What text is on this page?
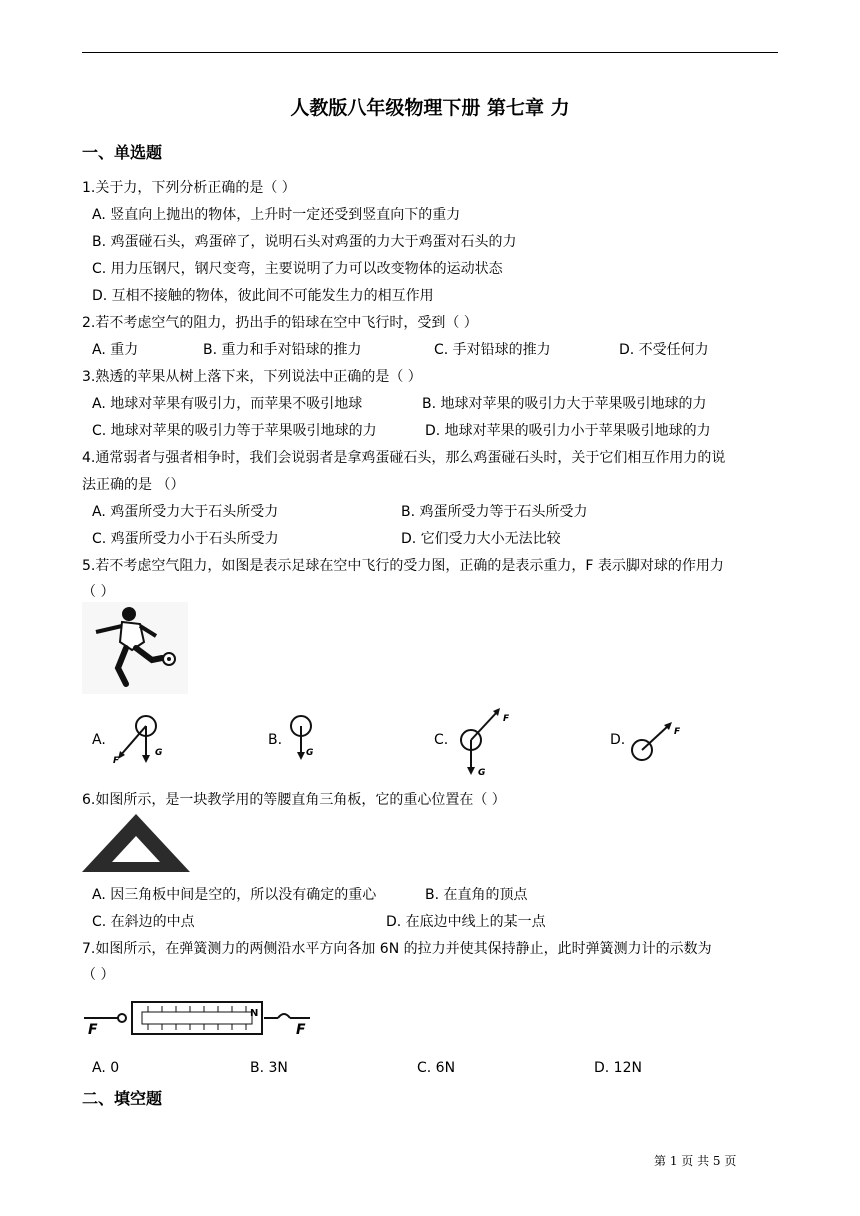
人教版八年级物理下册 第七章 力
一、单选题
1.关于力，下列分析正确的是（ ）
A. 竖直向上抛出的物体，上升时一定还受到竖直向下的重力
B. 鸡蛋碰石头，鸡蛋碎了，说明石头对鸡蛋的力大于鸡蛋对石头的力
C. 用力压钢尺，钢尺变弯，主要说明了力可以改变物体的运动状态
D. 互相不接触的物体，彼此间不可能发生力的相互作用
2.若不考虑空气的阻力，扔出手的铅球在空中飞行时，受到（ ）
A. 重力	B. 重力和手对铅球的推力	C. 手对铅球的推力	D. 不受任何力
3.熟透的苹果从树上落下来，下列说法中正确的是（ ）
A. 地球对苹果有吸引力，而苹果不吸引地球	B. 地球对苹果的吸引力大于苹果吸引地球的力
C. 地球对苹果的吸引力等于苹果吸引地球的力	D. 地球对苹果的吸引力小于苹果吸引地球的力
4.通常弱者与强者相争时，我们会说弱者是拿鸡蛋碰石头，那么鸡蛋碰石头时，关于它们相互作用力的说
法正确的是 （）
A. 鸡蛋所受力大于石头所受力	B. 鸡蛋所受力等于石头所受力
C. 鸡蛋所受力小于石头所受力	D. 它们受力大小无法比较
5.若不考虑空气阻力，如图是表示足球在空中飞行的受力图，正确的是表示重力，F 表示脚对球的作用力
（ ）
A.
F
G
B.
G
C.
F
G
D.	F
6.如图所示，是一块教学用的等腰直角三角板，它的重心位置在（ ）
A. 因三角板中间是空的，所以没有确定的重心	B. 在直角的顶点
C. 在斜边的中点	D. 在底边中线上的某一点
7.如图所示，在弹簧测力的两侧沿水平方向各加 6N 的拉力并使其保持静止，此时弹簧测力计的示数为
（ ）
F	F
N
A. 0	B. 3N	C. 6N	D. 12N
二、填空题
第 1 页 共 5 页
